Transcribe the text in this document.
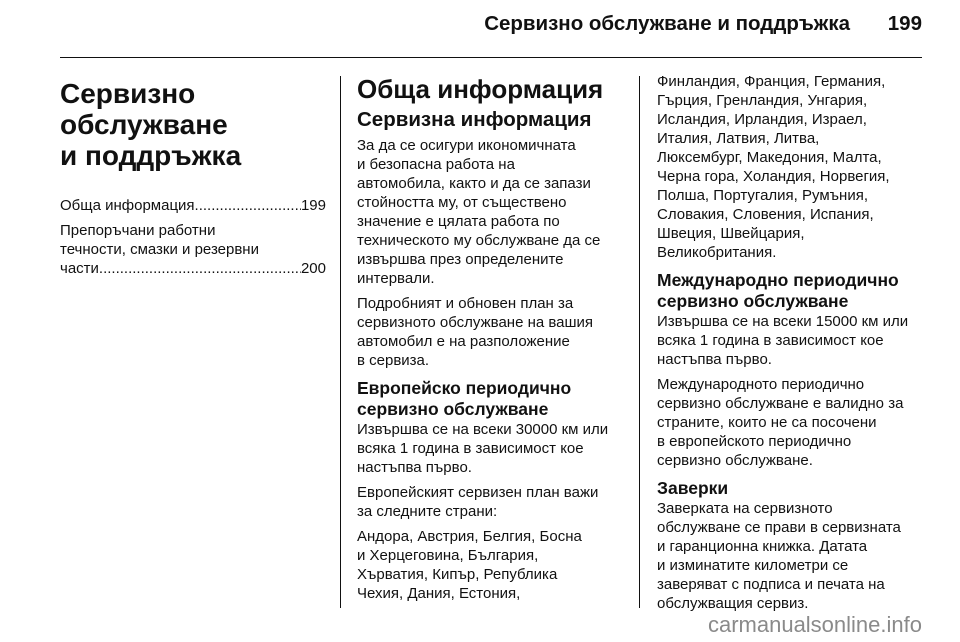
Сервизно обслужване и поддръжка 199
Сервизно
обслужване
и поддръжка
Обща информация .....	199
Препоръчани работни
течности, смазки и резервни
части .....	200
Обща информация
Сервизна информация
За да се осигури икономичната
и безопасна работа на
автомобила, както и да се запази
стойността му, от съществено
значение е цялата работа по
техническото му обслужване да се
извършва през определените
интервали.
Подробният и обновен план за
сервизното обслужване на вашия
автомобил е на разположение
в сервиза.
Европейско периодично
сервизно обслужване
Извършва се на всеки 30000 км или
всяка 1 година в зависимост кое
настъпва първо.
Европейският сервизен план важи
за следните страни:
Андора, Австрия, Белгия, Босна
и Херцеговина, България,
Хърватия, Кипър, Република
Чехия, Дания, Естония,
Финландия, Франция, Германия,
Гърция, Гренландия, Унгария,
Исландия, Ирландия, Израел,
Италия, Латвия, Литва,
Люксембург, Македония, Малта,
Черна гора, Холандия, Норвегия,
Полша, Португалия, Румъния,
Словакия, Словения, Испания,
Швеция, Швейцария,
Великобритания.
Международно периодично
сервизно обслужване
Извършва се на всеки 15000 км или
всяка 1 година в зависимост кое
настъпва първо.
Международното периодично
сервизно обслужване е валидно за
страните, които не са посочени
в европейското периодично
сервизно обслужване.
Заверки
Заверката на сервизното
обслужване се прави в сервизната
и гаранционна книжка. Датата
и изминатите километри се
заверяват с подписа и печата на
обслужващия сервиз.
carmanualsonline.info
